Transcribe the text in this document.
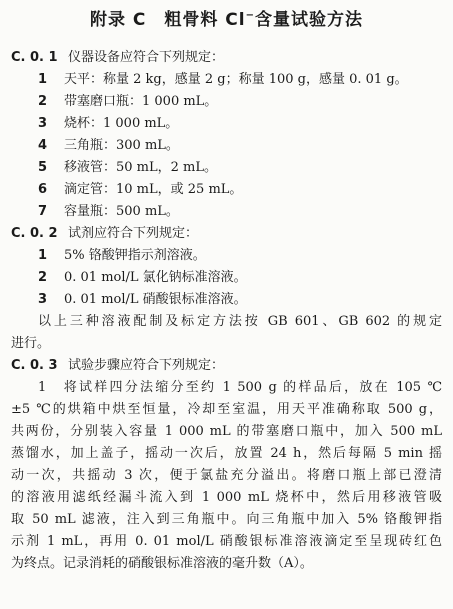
附录 C　粗骨料 Cl−含量试验方法
C. 0. 1 仪器设备应符合下列规定：
1 天平：称量 2 kg，感量 2 g；称量 100 g，感量 0. 01 g。
2 带塞磨口瓶：1 000 mL。
3 烧杯：1 000 mL。
4 三角瓶：300 mL。
5 移液管：50 mL，2 mL。
6 滴定管：10 mL，或 25 mL。
7 容量瓶：500 mL。
C. 0. 2 试剂应符合下列规定：
1 5% 铬酸钾指示剂溶液。
2 0. 01 mol/L 氯化钠标准溶液。
3 0. 01 mol/L 硝酸银标准溶液。
以上三种溶液配制及标定方法按 GB 601、GB 602 的规定
进行。
C. 0. 3 试验步骤应符合下列规定：
1　将试样四分法缩分至约 1 500 g 的样品后，放在 105 ℃
±5 ℃的烘箱中烘至恒量，冷却至室温，用天平准确称取 500 g，
共两份，分别装入容量 1 000 mL 的带塞磨口瓶中，加入 500 mL
蒸馏水，加上盖子，摇动一次后，放置 24 h，然后每隔 5 min 摇
动一次，共摇动 3 次，便于氯盐充分溢出。将磨口瓶上部已澄清
的溶液用滤纸经漏斗流入到 1 000 mL 烧杯中，然后用移液管吸
取 50 mL 滤液，注入到三角瓶中。向三角瓶中加入 5% 铬酸钾指
示剂 1 mL，再用 0. 01 mol/L 硝酸银标准溶液滴定至呈现砖红色
为终点。记录消耗的硝酸银标准溶液的毫升数（A）。
